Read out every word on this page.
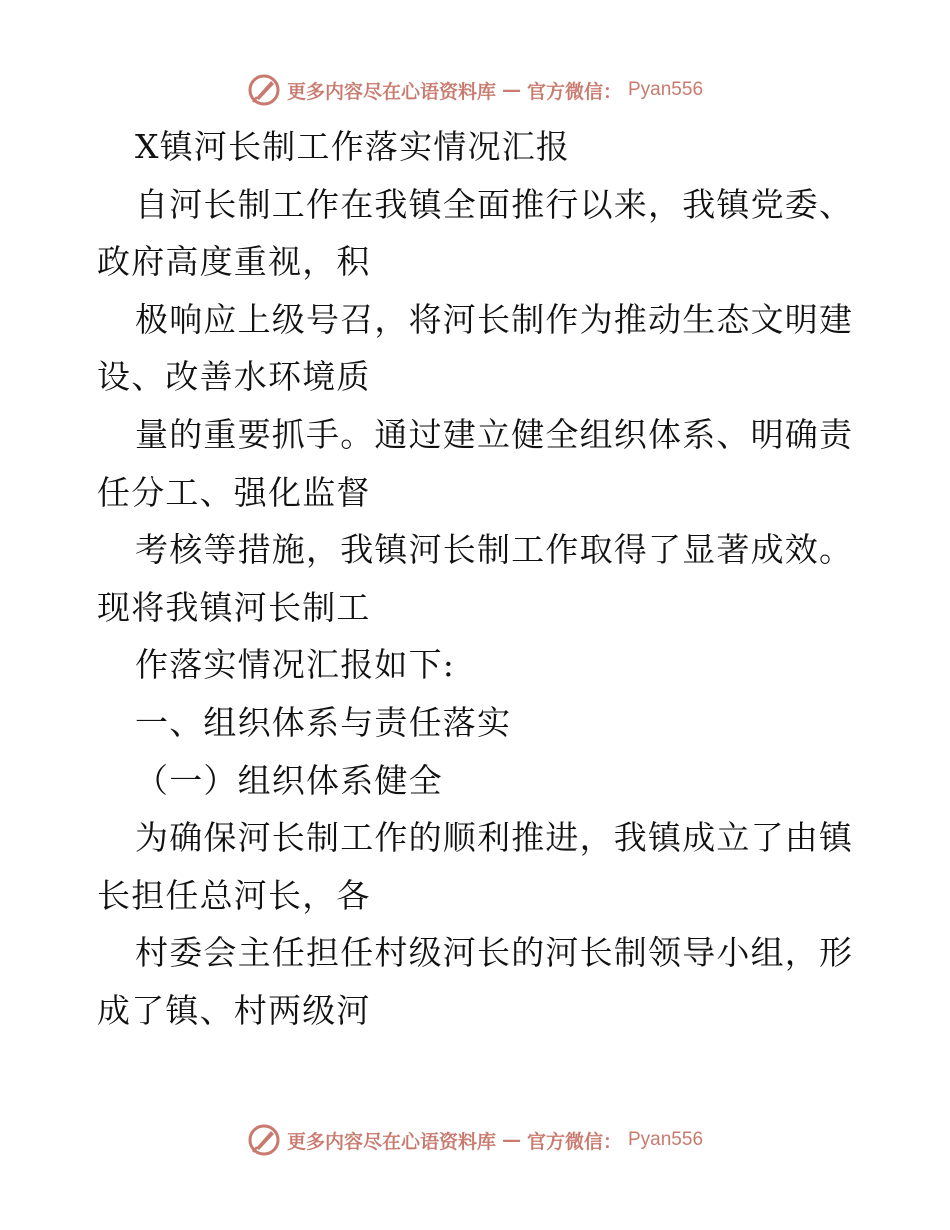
更多内容尽在心语资料库 — 官方微信： Pyan556
X镇河长制工作落实情况汇报
自河长制工作在我镇全面推行以来，我镇党委、
政府高度重视，积
极响应上级号召，将河长制作为推动生态文明建
设、改善水环境质
量的重要抓手。通过建立健全组织体系、明确责
任分工、强化监督
考核等措施，我镇河长制工作取得了显著成效。
现将我镇河长制工
作落实情况汇报如下:
一、组织体系与责任落实
（一）组织体系健全
为确保河长制工作的顺利推进，我镇成立了由镇
长担任总河长，各
村委会主任担任村级河长的河长制领导小组，形
成了镇、村两级河
更多内容尽在心语资料库 — 官方微信： Pyan556
